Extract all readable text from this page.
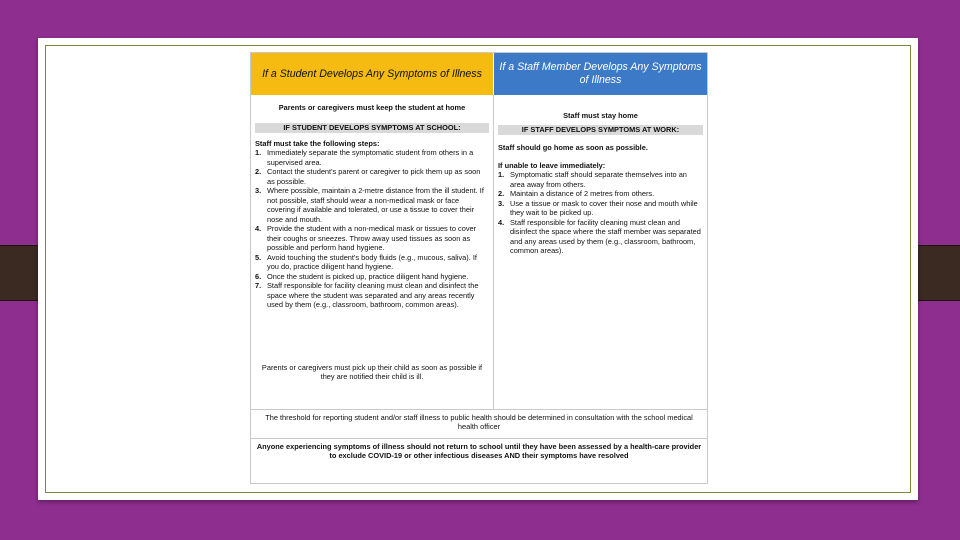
If a Student Develops Any Symptoms of Illness
If a Staff Member Develops Any Symptoms of Illness
Parents or caregivers must keep the student at home
IF STUDENT DEVELOPS SYMPTOMS AT SCHOOL:
Staff must take the following steps:
1. Immediately separate the symptomatic student from others in a supervised area.
2. Contact the student's parent or caregiver to pick them up as soon as possible.
3. Where possible, maintain a 2-metre distance from the ill student. If not possible, staff should wear a non-medical mask or face covering if available and tolerated, or use a tissue to cover their nose and mouth.
4. Provide the student with a non-medical mask or tissues to cover their coughs or sneezes. Throw away used tissues as soon as possible and perform hand hygiene.
5. Avoid touching the student's body fluids (e.g., mucous, saliva). If you do, practice diligent hand hygiene.
6. Once the student is picked up, practice diligent hand hygiene.
7. Staff responsible for facility cleaning must clean and disinfect the space where the student was separated and any areas recently used by them (e.g., classroom, bathroom, common areas).
Parents or caregivers must pick up their child as soon as possible if they are notified their child is ill.
Staff must stay home
IF STAFF DEVELOPS SYMPTOMS AT WORK:
Staff should go home as soon as possible.
If unable to leave immediately:
1. Symptomatic staff should separate themselves into an area away from others.
2. Maintain a distance of 2 metres from others.
3. Use a tissue or mask to cover their nose and mouth while they wait to be picked up.
4. Staff responsible for facility cleaning must clean and disinfect the space where the staff member was separated and any areas used by them (e.g., classroom, bathroom, common areas).
The threshold for reporting student and/or staff illness to public health should be determined in consultation with the school medical health officer
Anyone experiencing symptoms of illness should not return to school until they have been assessed by a health-care provider to exclude COVID-19 or other infectious diseases AND their symptoms have resolved
